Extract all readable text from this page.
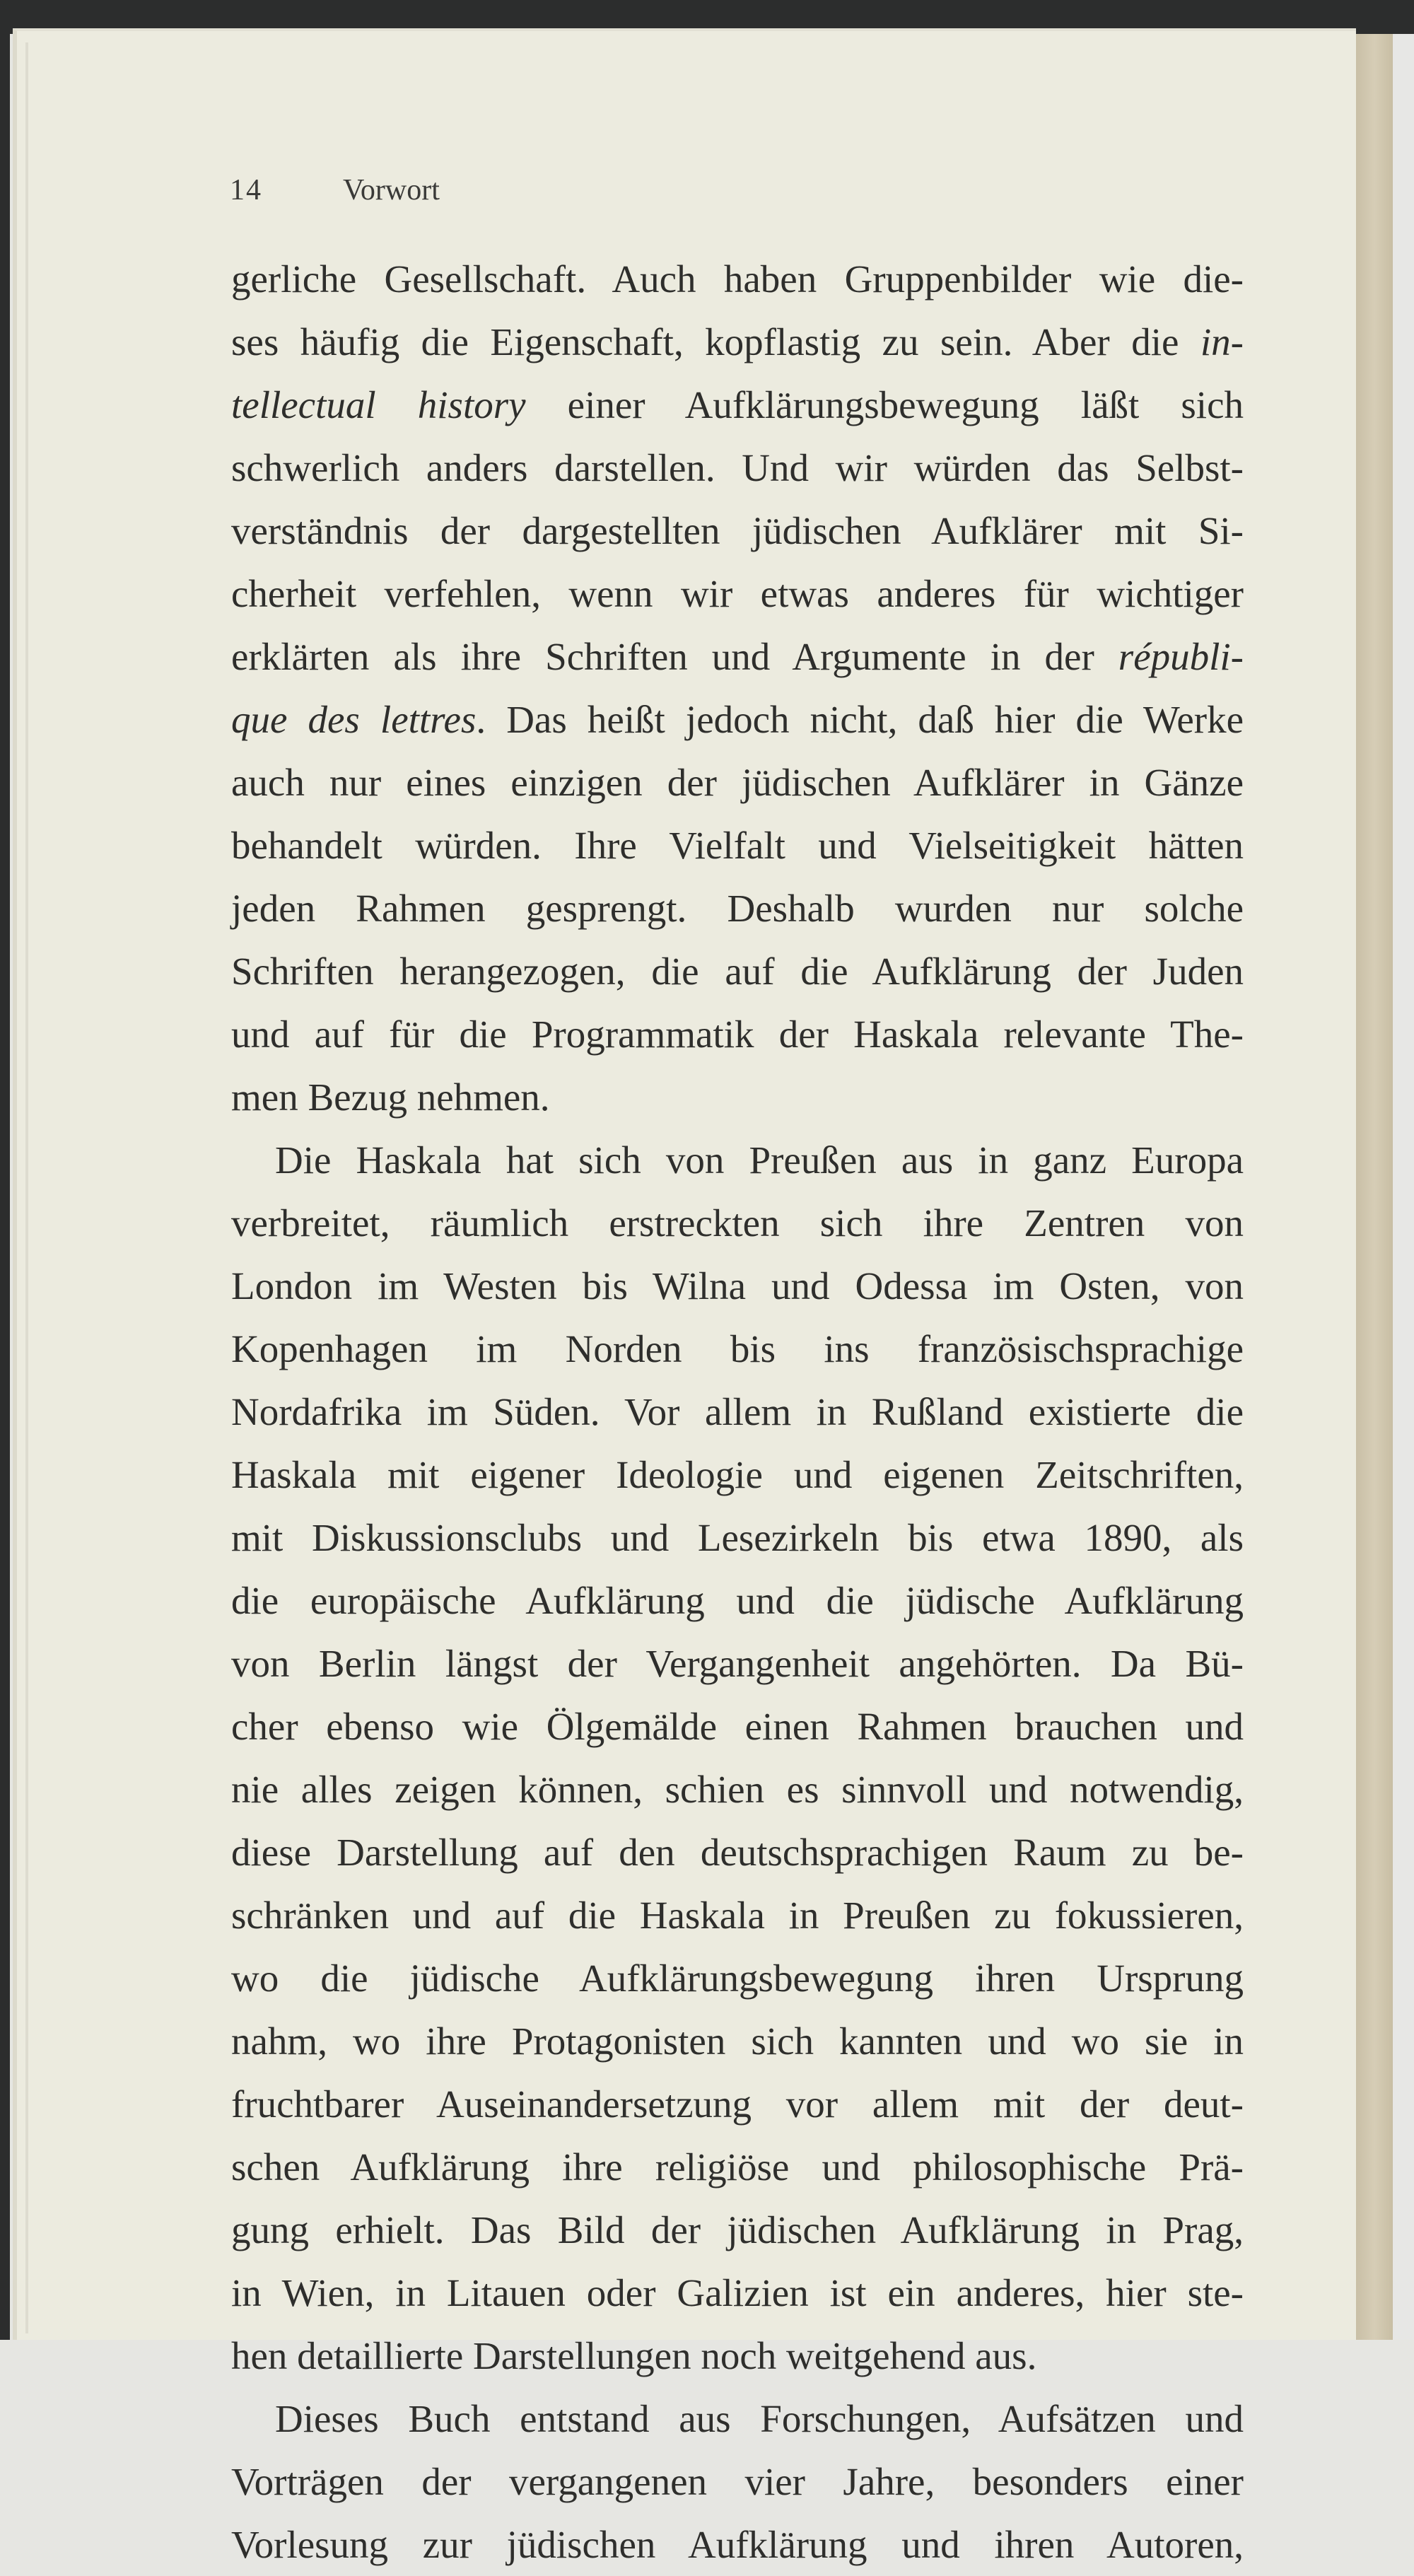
14	Vorwort
gerliche Gesellschaft. Auch haben Gruppenbilder wie die-
ses häufig die Eigenschaft, kopflastig zu sein. Aber die in-
tellectual history einer Aufklärungsbewegung läßt sich
schwerlich anders darstellen. Und wir würden das Selbst-
verständnis der dargestellten jüdischen Aufklärer mit Si-
cherheit verfehlen, wenn wir etwas anderes für wichtiger
erklärten als ihre Schriften und Argumente in der républi-
que des lettres. Das heißt jedoch nicht, daß hier die Werke
auch nur eines einzigen der jüdischen Aufklärer in Gänze
behandelt würden. Ihre Vielfalt und Vielseitigkeit hätten
jeden Rahmen gesprengt. Deshalb wurden nur solche
Schriften herangezogen, die auf die Aufklärung der Juden
und auf für die Programmatik der Haskala relevante The-
men Bezug nehmen.
Die Haskala hat sich von Preußen aus in ganz Europa
verbreitet, räumlich erstreckten sich ihre Zentren von
London im Westen bis Wilna und Odessa im Osten, von
Kopenhagen im Norden bis ins französischsprachige
Nordafrika im Süden. Vor allem in Rußland existierte die
Haskala mit eigener Ideologie und eigenen Zeitschriften,
mit Diskussionsclubs und Lesezirkeln bis etwa 1890, als
die europäische Aufklärung und die jüdische Aufklärung
von Berlin längst der Vergangenheit angehörten. Da Bü-
cher ebenso wie Ölgemälde einen Rahmen brauchen und
nie alles zeigen können, schien es sinnvoll und notwendig,
diese Darstellung auf den deutschsprachigen Raum zu be-
schränken und auf die Haskala in Preußen zu fokussieren,
wo die jüdische Aufklärungsbewegung ihren Ursprung
nahm, wo ihre Protagonisten sich kannten und wo sie in
fruchtbarer Auseinandersetzung vor allem mit der deut-
schen Aufklärung ihre religiöse und philosophische Prä-
gung erhielt. Das Bild der jüdischen Aufklärung in Prag,
in Wien, in Litauen oder Galizien ist ein anderes, hier ste-
hen detaillierte Darstellungen noch weitgehend aus.
Dieses Buch entstand aus Forschungen, Aufsätzen und
Vorträgen der vergangenen vier Jahre, besonders einer
Vorlesung zur jüdischen Aufklärung und ihren Autoren,
